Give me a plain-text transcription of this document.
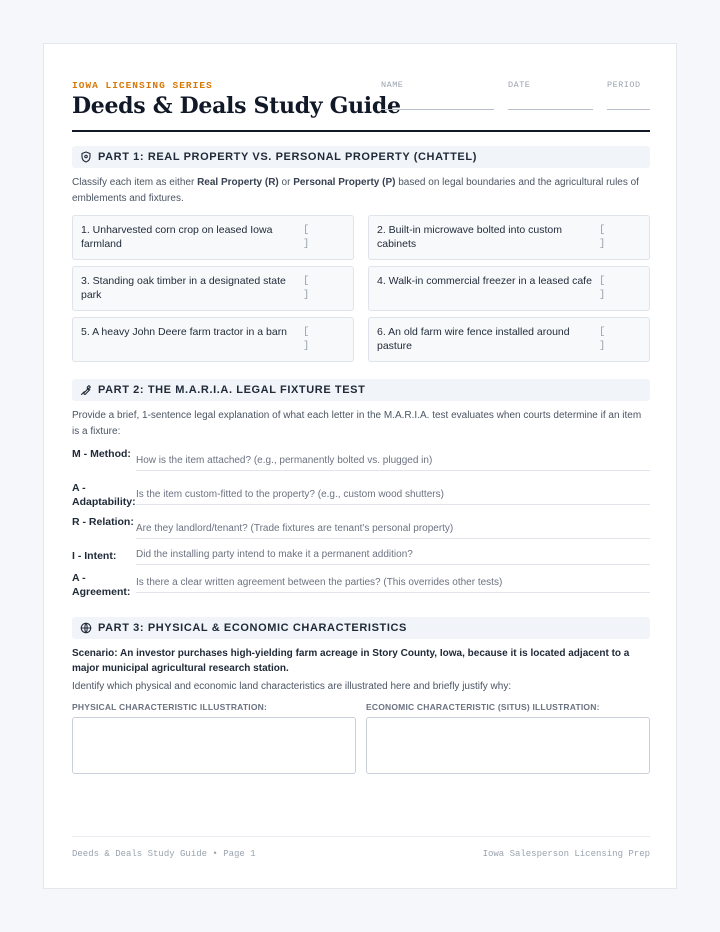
IOWA LICENSING SERIES
Deeds & Deals Study Guide
NAME	DATE	PERIOD
PART 1: REAL PROPERTY VS. PERSONAL PROPERTY (CHATTEL)
Classify each item as either Real Property (R) or Personal Property (P) based on legal boundaries and the agricultural rules of emblements and fixtures.
1. Unharvested corn crop on leased Iowa farmland
[ ]
2. Built-in microwave bolted into custom cabinets
[ ]
3. Standing oak timber in a designated state park
[ ]
4. Walk-in commercial freezer in a leased cafe [ ]
5. A heavy John Deere farm tractor in a barn	[ ]
6. An old farm wire fence installed around pasture
[ ]
PART 2: THE M.A.R.I.A. LEGAL FIXTURE TEST
Provide a brief, 1-sentence legal explanation of what each letter in the M.A.R.I.A. test evaluates when courts determine if an item is a fixture:
M - Method:
How is the item attached? (e.g., permanently bolted vs. plugged in)
A - Adaptability:
Is the item custom-fitted to the property? (e.g., custom wood shutters)
R - Relation:
Are they landlord/tenant? (Trade fixtures are tenant's personal property)
I - Intent:	Did the installing party intend to make it a permanent addition?
A - Agreement:
Is there a clear written agreement between the parties? (This overrides other tests)
PART 3: PHYSICAL & ECONOMIC CHARACTERISTICS
Scenario: An investor purchases high-yielding farm acreage in Story County, Iowa, because it is located adjacent to a major municipal agricultural research station.
Identify which physical and economic land characteristics are illustrated here and briefly justify why:
PHYSICAL CHARACTERISTIC ILLUSTRATION:	ECONOMIC CHARACTERISTIC (SITUS) ILLUSTRATION:
Deeds & Deals Study Guide • Page 1	Iowa Salesperson Licensing Prep
